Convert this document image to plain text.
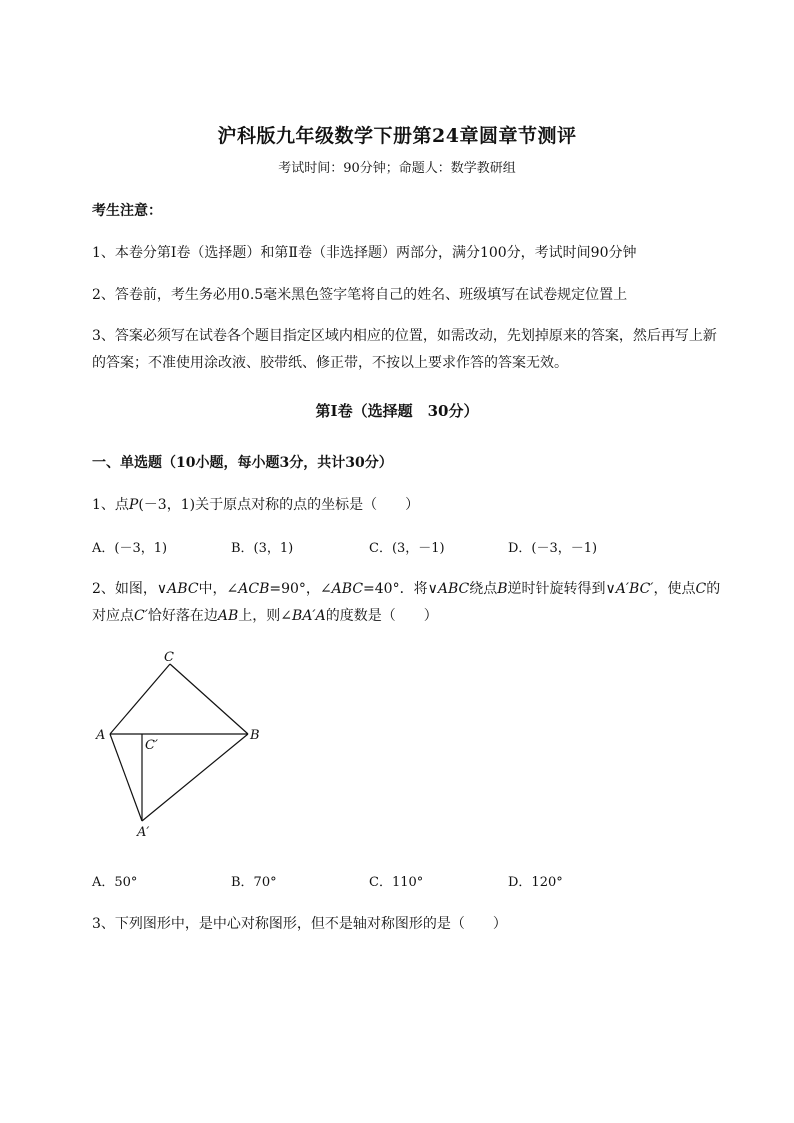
沪科版九年级数学下册第24章圆章节测评
考试时间：90分钟；命题人：数学教研组
考生注意：
1、本卷分第I卷（选择题）和第Ⅱ卷（非选择题）两部分，满分100分，考试时间90分钟
2、答卷前，考生务必用0.5毫米黑色签字笔将自己的姓名、班级填写在试卷规定位置上
3、答案必须写在试卷各个题目指定区域内相应的位置，如需改动，先划掉原来的答案，然后再写上新
的答案；不准使用涂改液、胶带纸、修正带，不按以上要求作答的答案无效。
第I卷（选择题　30分）
一、单选题（10小题，每小题3分，共计30分）
1、点P(－3，1)关于原点对称的点的坐标是（　　）
A．(－3，1)	B．(3，1)	C．(3，－1)	D．(－3，－1)
2、如图，∨ABC中，∠ACB=90°，∠ABC=40°．将∨ABC绕点B逆时针旋转得到∨A′BC′，使点C的
对应点C′恰好落在边AB上，则∠BA′A的度数是（　　）
C
A	B
C′
A′
A．50°	B．70°	C．110°	D．120°
3、下列图形中，是中心对称图形，但不是轴对称图形的是（　　）
